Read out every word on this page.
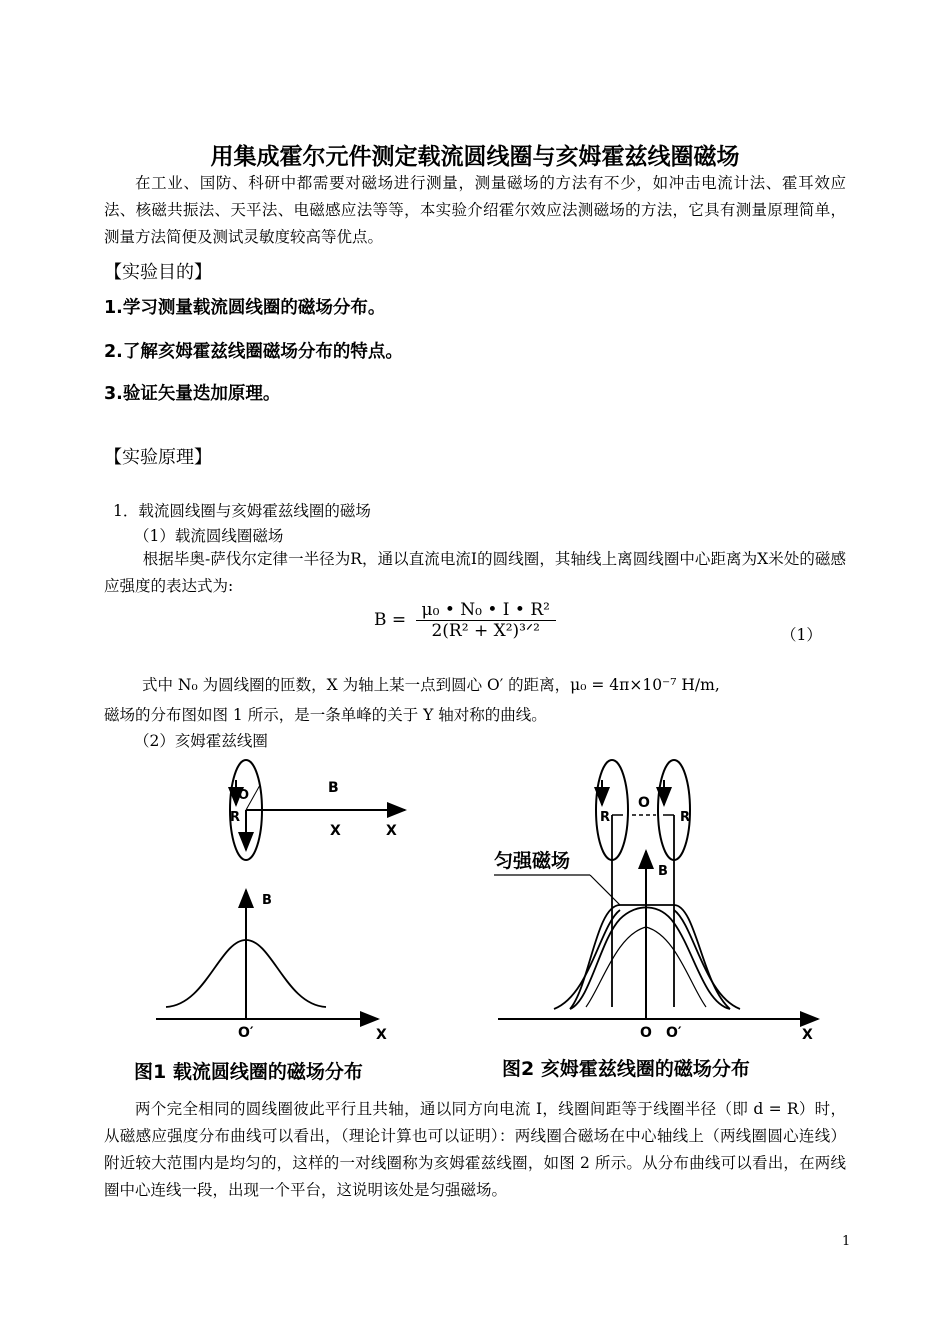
用集成霍尔元件测定载流圆线圈与亥姆霍兹线圈磁场
在工业、国防、科研中都需要对磁场进行测量，测量磁场的方法有不少，如冲击电流计法、霍耳效应法、核磁共振法、天平法、电磁感应法等等，本实验介绍霍尔效应法测磁场的方法，它具有测量原理简单，测量方法简便及测试灵敏度较高等优点。
【实验目的】
1.学习测量载流圆线圈的磁场分布。
2.了解亥姆霍兹线圈磁场分布的特点。
3.验证矢量迭加原理。
【实验原理】
1．载流圆线圈与亥姆霍兹线圈的磁场
（1）载流圆线圈磁场
根据毕奥-萨伐尔定律一半径为R，通以直流电流I的圆线圈，其轴线上离圆线圈中心距离为X米处的磁感应强度的表达式为:
$B = \frac{\text{μ₀ • N₀ • I • R²}}{\text{2(R² + X²)³ᐟ²}}$	（1）
式中 N₀ 为圆线圈的匝数，X 为轴上某一点到圆心 O′ 的距离，μ₀ = 4π×10⁻⁷ H/m,
磁场的分布图如图 1 所示，是一条单峰的关于 Y 轴对称的曲线。
（2）亥姆霍兹线圈
O
R
B
X	X
B
O′	X
O
R	R
B
匀强磁场
O O′	X
图1 载流圆线圈的磁场分布	图2 亥姆霍兹线圈的磁场分布
两个完全相同的圆线圈彼此平行且共轴，通以同方向电流 I，线圈间距等于线圈半径（即 d = R）时，从磁感应强度分布曲线可以看出，（理论计算也可以证明）：两线圈合磁场在中心轴线上（两线圈圆心连线）附近较大范围内是均匀的，这样的一对线圈称为亥姆霍兹线圈，如图 2 所示。从分布曲线可以看出，在两线圈中心连线一段，出现一个平台，这说明该处是匀强磁场。
1
